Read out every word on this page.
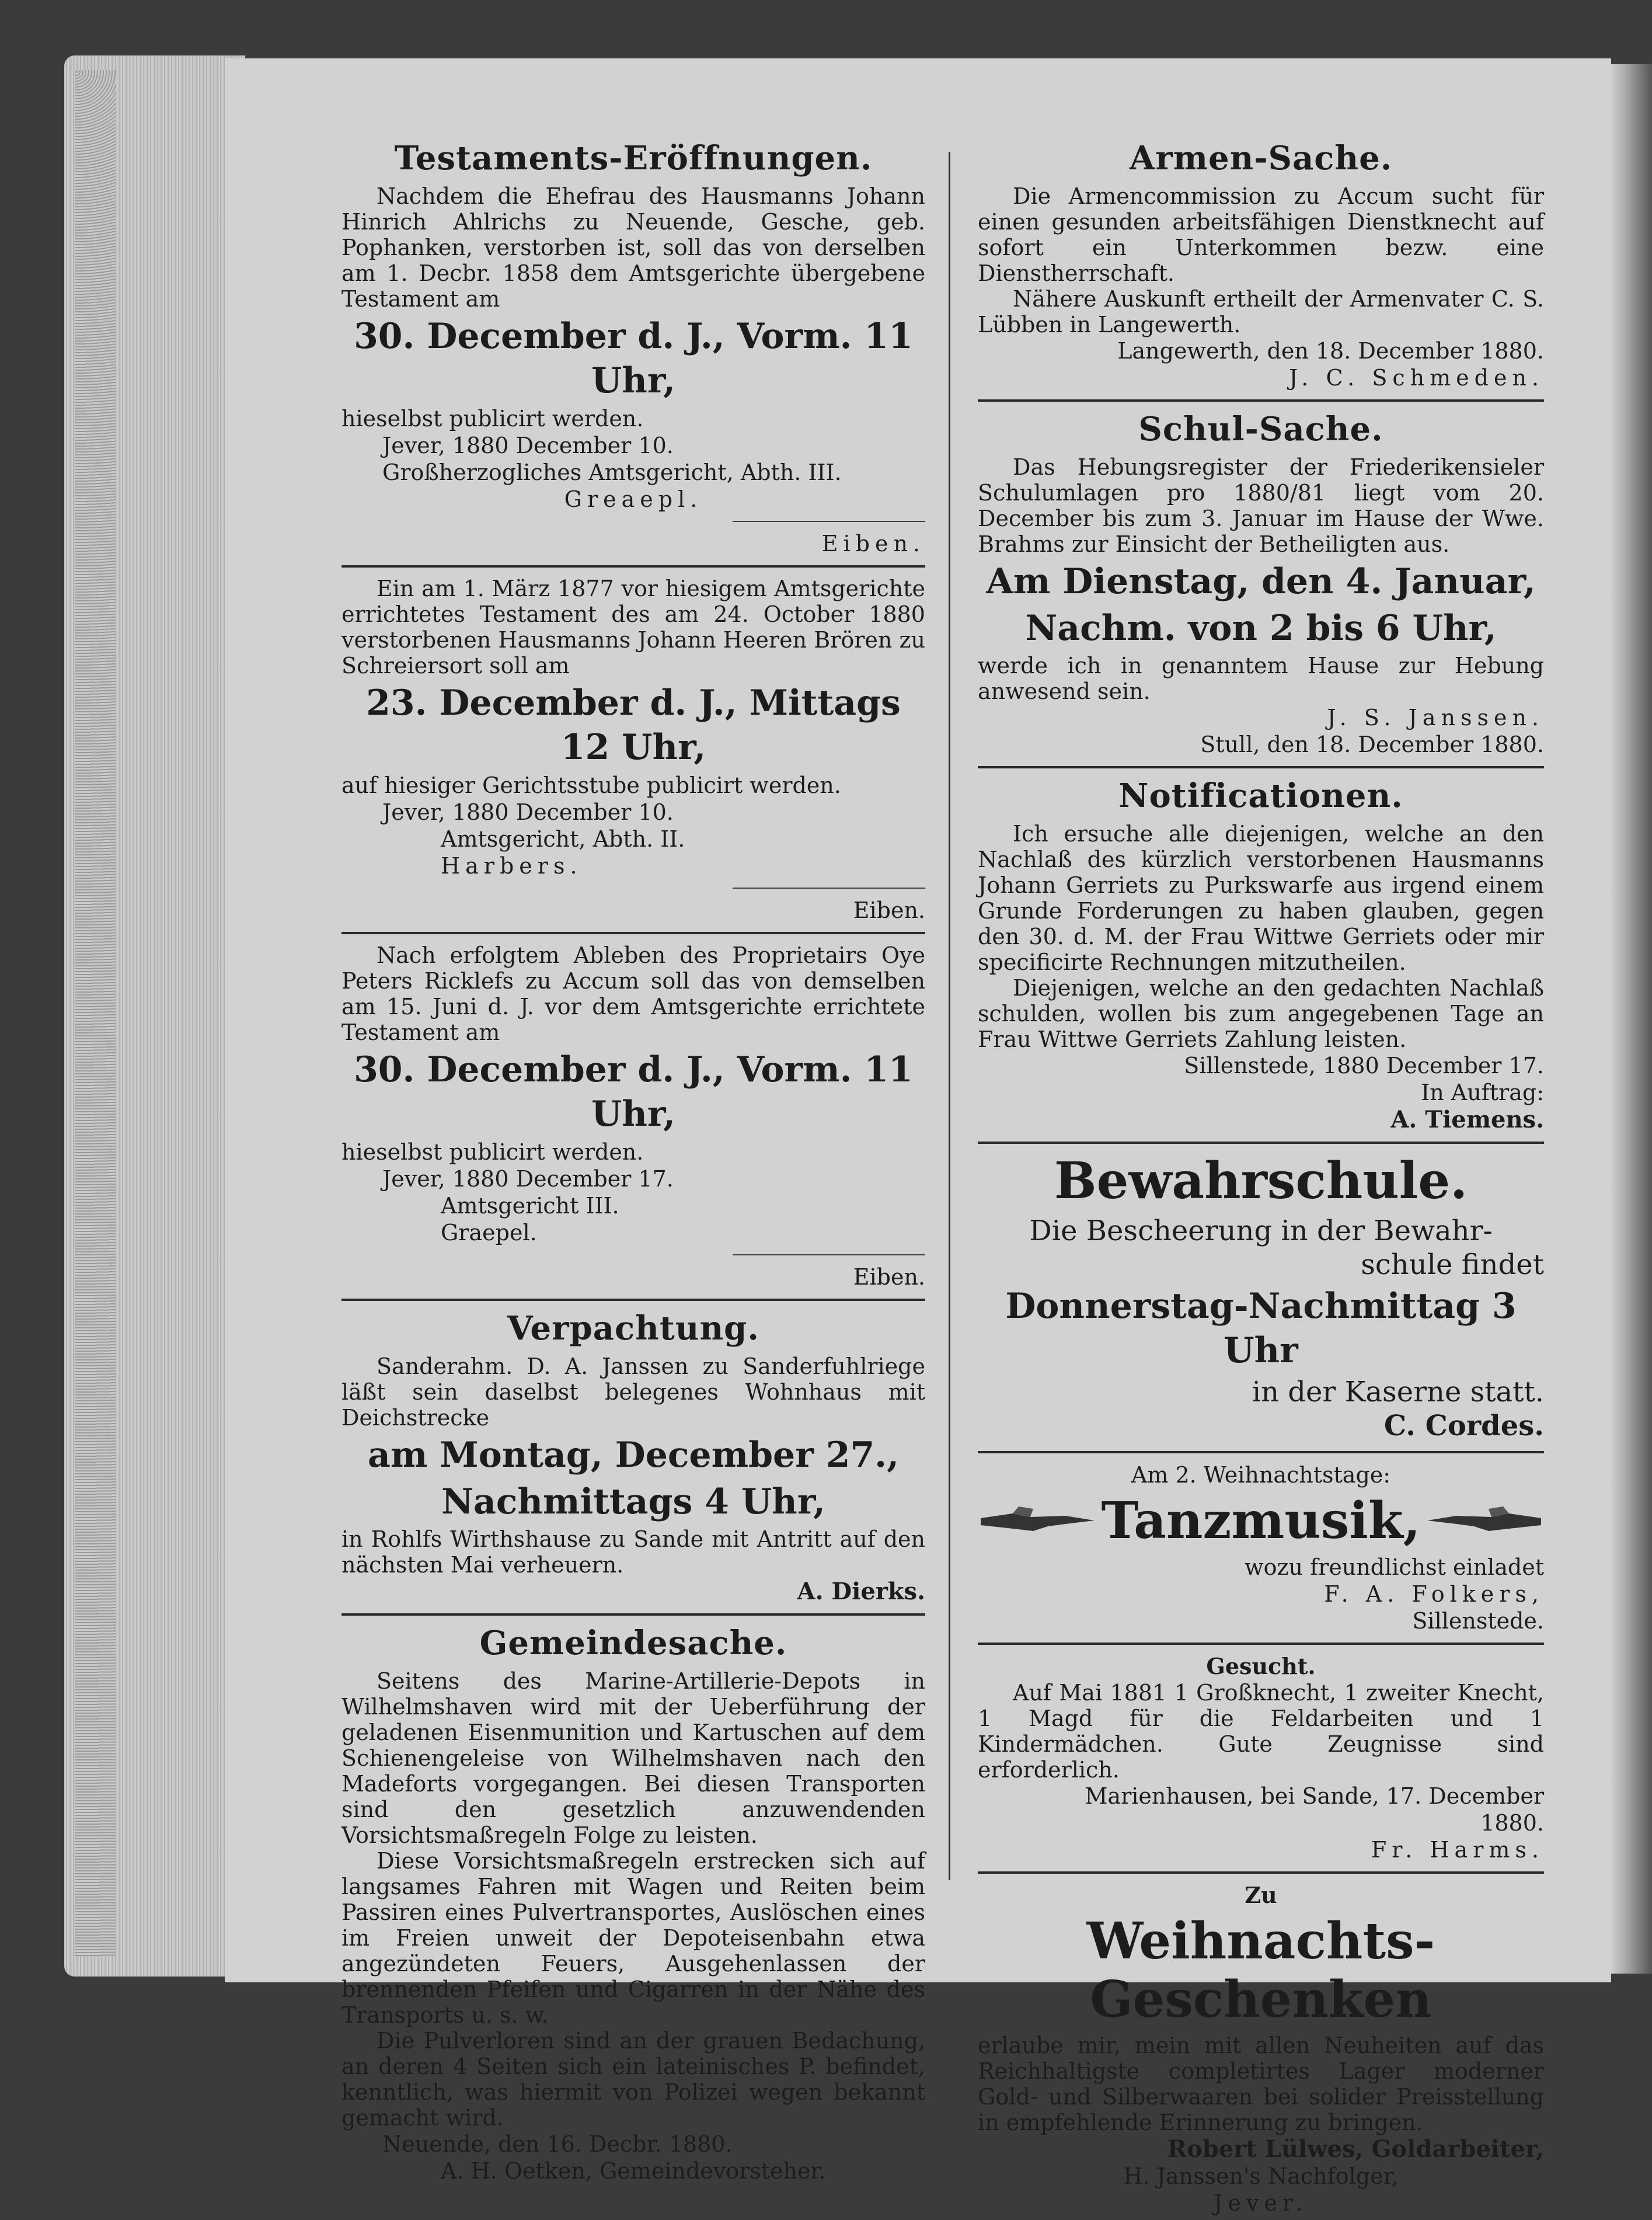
Testaments-Eröffnungen.

Nachdem die Ehefrau des Hausmanns Johann Hinrich Ahlrichs zu Neuende, Gesche, geb. Pophanken, verstorben ist, soll das von derselben am 1. Decbr. 1858 dem Amtsgerichte übergebene Testament am

30. December d. J., Vorm. 11 Uhr,
hieselbst publicirt werden.
Jever, 1880 December 10.
Großherzogliches Amtsgericht, Abth. III.
Greaepl.
Eiben.

Ein am 1. März 1877 vor hiesigem Amtsgerichte errichtetes Testament des am 24. October 1880 verstorbenen Hausmanns Johann Heeren Brören zu Schreiersort soll am

23. December d. J., Mittags 12 Uhr,
auf hiesiger Gerichtsstube publicirt werden.
Jever, 1880 December 10.
Amtsgericht, Abth. II.
Harbers.
Eiben.

Nach erfolgtem Ableben des Proprietairs Oye Peters Ricklefs zu Accum soll das von demselben am 15. Juni d. J. vor dem Amtsgerichte errichtete Testament am

30. December d. J., Vorm. 11 Uhr,
hieselbst publicirt werden.
Jever, 1880 December 17.
Amtsgericht III.
Graepel.
Eiben.
Verpachtung.

Sanderahm. D. A. Janssen zu Sanderfuhlriege läßt sein daselbst belegenes Wohnhaus mit Deichstrecke

am Montag, December 27.,
Nachmittags 4 Uhr,

in Rohlfs Wirthshause zu Sande mit Antritt auf den nächsten Mai verheuern.

A. Dierks.
Gemeindesache.

Seitens des Marine-Artillerie-Depots in Wilhelmshaven wird mit der Ueberführung der geladenen Eisenmunition und Kartuschen auf dem Schienengeleise von Wilhelmshaven nach den Madeforts vorgegangen. Bei diesen Transporten sind den gesetzlich anzuwendenden Vorsichtsmaßregeln Folge zu leisten.

Diese Vorsichtsmaßregeln erstrecken sich auf langsames Fahren mit Wagen und Reiten beim Passiren eines Pulvertransportes, Auslöschen eines im Freien unweit der Depoteisenbahn etwa angezündeten Feuers, Ausgehenlassen der brennenden Pfeifen und Cigarren in der Nähe des Transports u. s. w.

Die Pulverloren sind an der grauen Bedachung, an deren 4 Seiten sich ein lateinisches P. befindet, kenntlich, was hiermit von Polizei wegen bekannt gemacht wird.

Neuende, den 16. Decbr. 1880.
A. H. Oetken, Gemeindevorsteher.
Armen-Sache.

Die Armencommission zu Accum sucht für einen gesunden arbeitsfähigen Dienstknecht auf sofort ein Unterkommen bezw. eine Dienstherrschaft.

Nähere Auskunft ertheilt der Armenvater C. S. Lübben in Langewerth.

Langewerth, den 18. December 1880.
J. C. Schmeden.
Schul-Sache.

Das Hebungsregister der Friederikensieler Schulumlagen pro 1880/81 liegt vom 20. December bis zum 3. Januar im Hause der Wwe. Brahms zur Einsicht der Betheiligten aus.

Am Dienstag, den 4. Januar,
Nachm. von 2 bis 6 Uhr,

werde ich in genanntem Hause zur Hebung anwesend sein.

J. S. Janssen.
Stull, den 18. December 1880.
Notificationen.

Ich ersuche alle diejenigen, welche an den Nachlaß des kürzlich verstorbenen Hausmanns Johann Gerriets zu Purkswarfe aus irgend einem Grunde Forderungen zu haben glauben, gegen den 30. d. M. der Frau Wittwe Gerriets oder mir specificirte Rechnungen mitzutheilen.

Diejenigen, welche an den gedachten Nachlaß schulden, wollen bis zum angegebenen Tage an Frau Wittwe Gerriets Zahlung leisten.

Sillenstede, 1880 December 17.
In Auftrag:
A. Tiemens.
Bewahrschule.
Die Bescheerung in der Bewahr-
schule findet
Donnerstag-Nachmittag 3 Uhr
in der Kaserne statt.
C. Cordes.
Am 2. Weihnachtstage:
Tanzmusik,
wozu freundlichst einladet
F. A. Folkers,
Sillenstede.
Gesucht.

Auf Mai 1881 1 Großknecht, 1 zweiter Knecht, 1 Magd für die Feldarbeiten und 1 Kindermädchen. Gute Zeugnisse sind erforderlich.

Marienhausen, bei Sande, 17. December 1880.
Fr. Harms.
Zu
Weihnachts-Geschenken

erlaube mir, mein mit allen Neuheiten auf das Reichhaltigste completirtes Lager moderner Gold- und Silberwaaren bei solider Preisstellung in empfehlende Erinnerung zu bringen.

Robert Lülwes, Goldarbeiter,
H. Janssen's Nachfolger,
Jever.
